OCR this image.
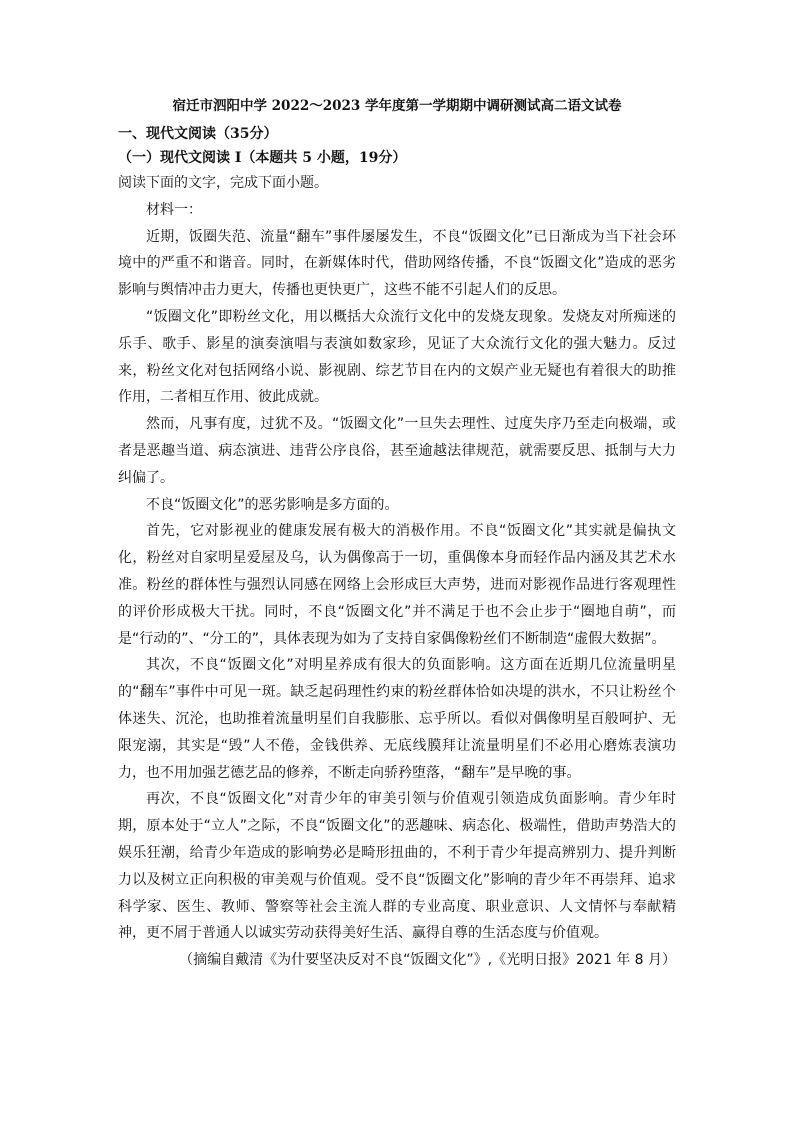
宿迁市泗阳中学 2022～2023 学年度第一学期期中调研测试高二语文试卷
一、现代文阅读（35分）
（一）现代文阅读 I（本题共 5 小题，19分）
阅读下面的文字，完成下面小题。
材料一：
近期，饭圈失范、流量“翻车”事件屡屡发生，不良“饭圈文化”已日渐成为当下社会环境中的严重不和谐音。同时，在新媒体时代，借助网络传播，不良“饭圈文化”造成的恶劣影响与舆情冲击力更大，传播也更快更广，这些不能不引起人们的反思。
“饭圈文化”即粉丝文化，用以概括大众流行文化中的发烧友现象。发烧友对所痴迷的乐手、歌手、影星的演奏演唱与表演如数家珍，见证了大众流行文化的强大魅力。反过来，粉丝文化对包括网络小说、影视剧、综艺节目在内的文娱产业无疑也有着很大的助推作用，二者相互作用、彼此成就。
然而，凡事有度，过犹不及。“饭圈文化”一旦失去理性、过度失序乃至走向极端，或者是恶趣当道、病态演进、违背公序良俗，甚至逾越法律规范，就需要反思、抵制与大力纠偏了。
不良“饭圈文化”的恶劣影响是多方面的。
首先，它对影视业的健康发展有极大的消极作用。不良“饭圈文化”其实就是偏执文化，粉丝对自家明星爱屋及乌，认为偶像高于一切，重偶像本身而轻作品内涵及其艺术水准。粉丝的群体性与强烈认同感在网络上会形成巨大声势，进而对影视作品进行客观理性的评价形成极大干扰。同时，不良“饭圈文化”并不满足于也不会止步于“圈地自萌”，而是“行动的”、“分工的”，具体表现为如为了支持自家偶像粉丝们不断制造“虚假大数据”。
其次，不良“饭圈文化”对明星养成有很大的负面影响。这方面在近期几位流量明星的“翻车”事件中可见一斑。缺乏起码理性约束的粉丝群体恰如决堤的洪水，不只让粉丝个体迷失、沉沦，也助推着流量明星们自我膨胀、忘乎所以。看似对偶像明星百般呵护、无限宠溺，其实是“毁”人不倦，金钱供养、无底线膜拜让流量明星们不必用心磨炼表演功力，也不用加强艺德艺品的修养，不断走向骄矜堕落，“翻车”是早晚的事。
再次，不良“饭圈文化”对青少年的审美引领与价值观引领造成负面影响。青少年时期，原本处于“立人”之际，不良“饭圈文化”的恶趣味、病态化、极端性，借助声势浩大的娱乐狂潮，给青少年造成的影响势必是畸形扭曲的，不利于青少年提高辨别力、提升判断力以及树立正向积极的审美观与价值观。受不良“饭圈文化”影响的青少年不再崇拜、追求科学家、医生、教师、警察等社会主流人群的专业高度、职业意识、人文情怀与奉献精神，更不屑于普通人以诚实劳动获得美好生活、赢得自尊的生活态度与价值观。
（摘编自戴清《为什要坚决反对不良“饭圈文化”》,《光明日报》2021 年 8 月）
